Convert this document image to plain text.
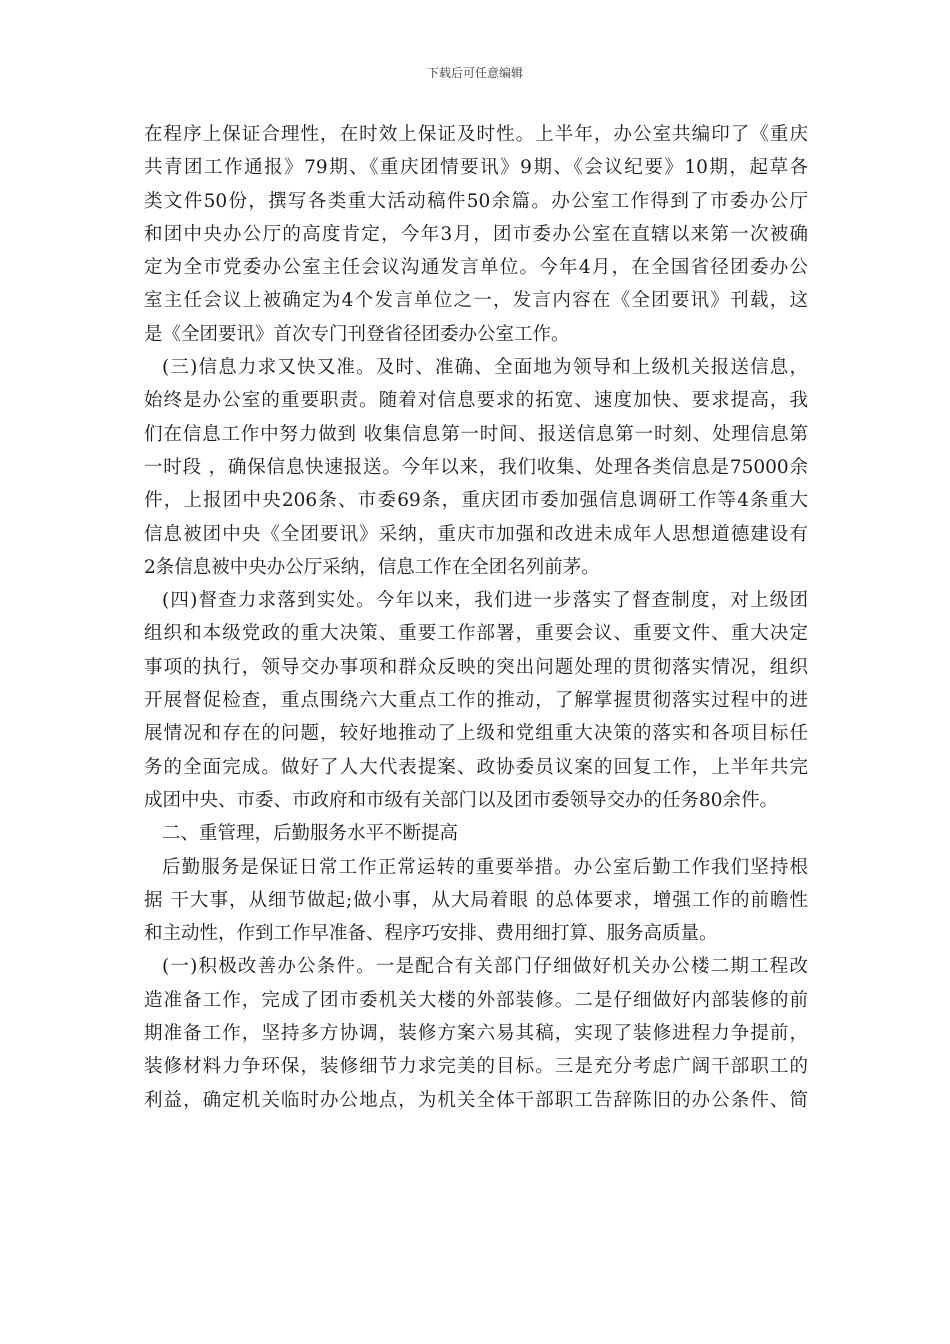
下载后可任意编辑
在程序上保证合理性，在时效上保证及时性。上半年，办公室共编印了《重庆
共青团工作通报》79期、《重庆团情要讯》9期、《会议纪要》10期，起草各
类文件50份，撰写各类重大活动稿件50余篇。办公室工作得到了市委办公厅
和团中央办公厅的高度肯定，今年3月，团市委办公室在直辖以来第一次被确
定为全市党委办公室主任会议沟通发言单位。今年4月，在全国省径团委办公
室主任会议上被确定为4个发言单位之一，发言内容在《全团要讯》刊载，这
是《全团要讯》首次专门刊登省径团委办公室工作。
(三)信息力求又快又准。及时、准确、全面地为领导和上级机关报送信息，
始终是办公室的重要职责。随着对信息要求的拓宽、速度加快、要求提高，我
们在信息工作中努力做到 收集信息第一时间、报送信息第一时刻、处理信息第
一时段 ，确保信息快速报送。今年以来，我们收集、处理各类信息是75000余
件，上报团中央206条、市委69条，重庆团市委加强信息调研工作等4条重大
信息被团中央《全团要讯》采纳，重庆市加强和改进未成年人思想道德建设有
2条信息被中央办公厅采纳，信息工作在全团名列前茅。
(四)督查力求落到实处。今年以来，我们进一步落实了督查制度，对上级团
组织和本级党政的重大决策、重要工作部署，重要会议、重要文件、重大决定
事项的执行，领导交办事项和群众反映的突出问题处理的贯彻落实情况，组织
开展督促检查，重点围绕六大重点工作的推动，了解掌握贯彻落实过程中的进
展情况和存在的问题，较好地推动了上级和党组重大决策的落实和各项目标任
务的全面完成。做好了人大代表提案、政协委员议案的回复工作，上半年共完
成团中央、市委、市政府和市级有关部门以及团市委领导交办的任务80余件。
二、重管理，后勤服务水平不断提高
后勤服务是保证日常工作正常运转的重要举措。办公室后勤工作我们坚持根
据 干大事，从细节做起;做小事，从大局着眼 的总体要求，增强工作的前瞻性
和主动性，作到工作早准备、程序巧安排、费用细打算、服务高质量。
(一)积极改善办公条件。一是配合有关部门仔细做好机关办公楼二期工程改
造准备工作，完成了团市委机关大楼的外部装修。二是仔细做好内部装修的前
期准备工作，坚持多方协调，装修方案六易其稿，实现了装修进程力争提前，
装修材料力争环保，装修细节力求完美的目标。三是充分考虑广阔干部职工的
利益，确定机关临时办公地点，为机关全体干部职工告辞陈旧的办公条件、简
